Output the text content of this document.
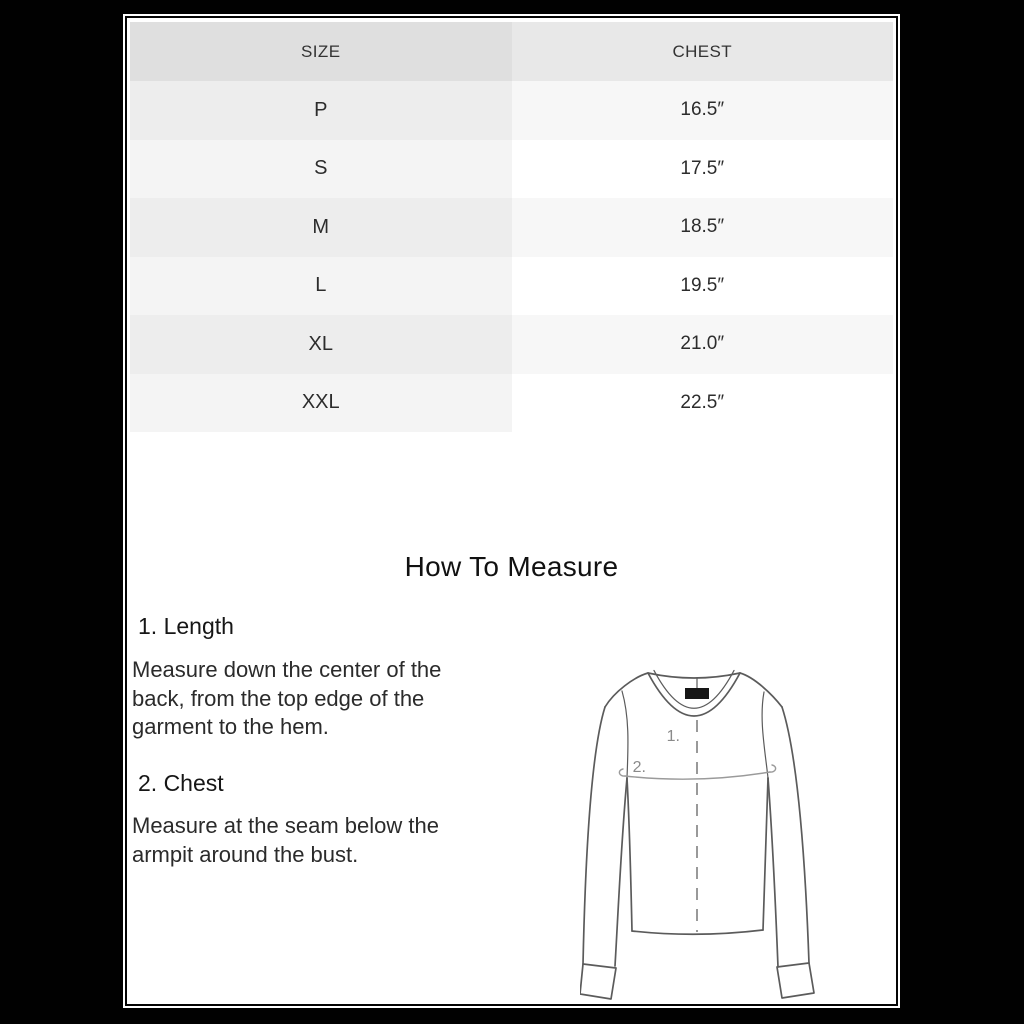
SIZE	CHEST
P	16.5″
S	17.5″
M	18.5″
L	19.5″
XL	21.0″
XXL	22.5″
How To Measure
1. Length

Measure down the center of the back, from the top edge of the garment to the hem.

2. Chest

Measure at the seam below the armpit around the bust.

1.
2.
